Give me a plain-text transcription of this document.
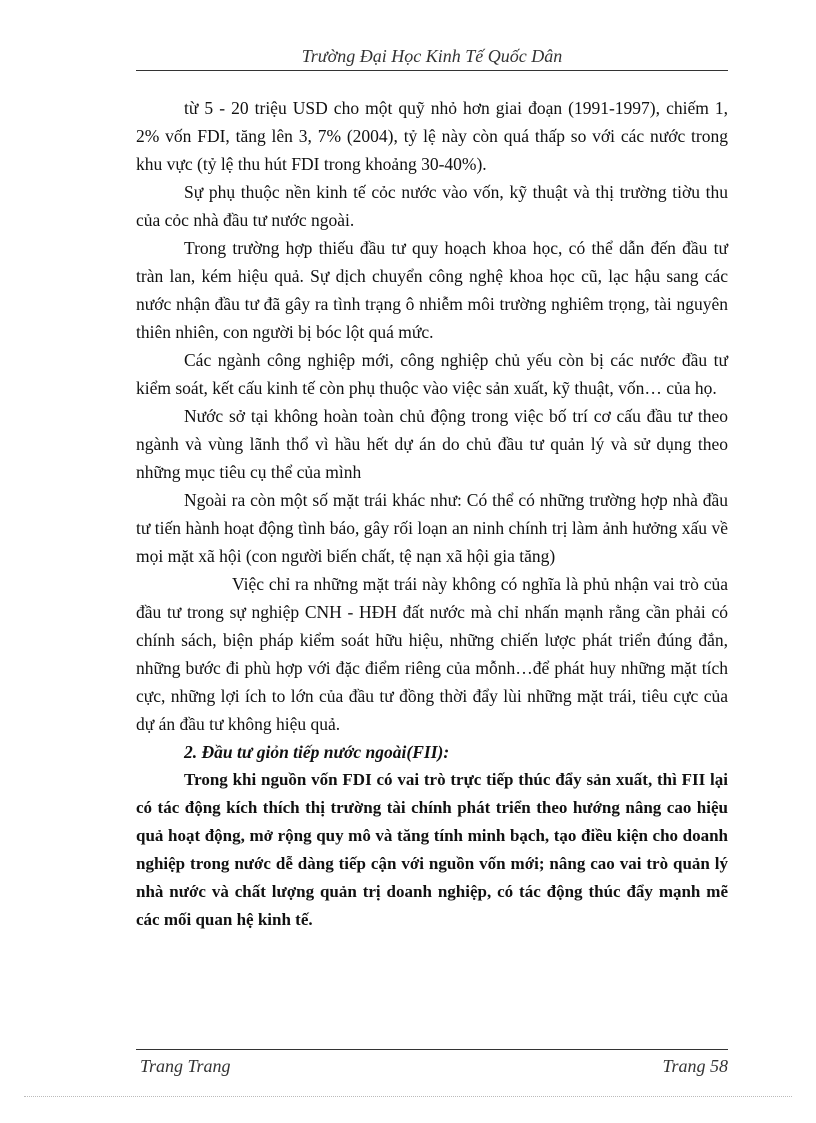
Trường Đại Học Kinh Tế Quốc Dân

từ 5 - 20 triệu USD cho một quỹ nhỏ hơn giai đoạn (1991-1997), chiếm 1, 2% vốn FDI, tăng lên 3, 7% (2004), tỷ lệ này còn quá thấp so với các nước trong khu vực (tỷ lệ thu hút FDI trong khoảng 30-40%).

Sự phụ thuộc nền kinh tế cỏc nước vào vốn, kỹ thuật và thị trường tiờu thu của cỏc nhà đầu tư nước ngoài.

Trong trường hợp thiếu đầu tư quy hoạch khoa học, có thể dẫn đến đầu tư tràn lan, kém hiệu quả. Sự dịch chuyển công nghệ khoa học cũ, lạc hậu sang các nước nhận đầu tư đã gây ra tình trạng ô nhiễm môi trường nghiêm trọng, tài nguyên thiên nhiên, con người bị bóc lột quá mức.

Các ngành công nghiệp mới, công nghiệp chủ yếu còn bị các nước đầu tư kiểm soát, kết cấu kinh tế còn phụ thuộc vào việc sản xuất, kỹ thuật, vốn… của họ.

Nước sở tại không hoàn toàn chủ động trong việc bố trí cơ cấu đầu tư theo ngành và vùng lãnh thổ vì hầu hết dự án do chủ đầu tư quản lý và sử dụng theo những mục tiêu cụ thể của mình

Ngoài ra còn một số mặt trái khác như: Có thể có những trường hợp nhà đầu tư tiến hành hoạt động tình báo, gây rối loạn an ninh chính trị làm ảnh hưởng xấu về mọi mặt xã hội (con người biến chất, tệ nạn xã hội gia tăng)

Việc chỉ ra những mặt trái này không có nghĩa là phủ nhận vai trò của đầu tư trong sự nghiệp CNH - HĐH đất nước mà chỉ nhấn mạnh rằng cần phải có chính sách, biện pháp kiểm soát hữu hiệu, những chiến lược phát triển đúng đắn, những bước đi phù hợp với đặc điểm riêng của mỗnh…để phát huy những mặt tích cực, những lợi ích to lớn của đầu tư đồng thời đẩy lùi những mặt trái, tiêu cực của dự án đầu tư không hiệu quả.

2. Đầu tư giỏn tiếp nước ngoài(FII):

Trong khi nguồn vốn FDI có vai trò trực tiếp thúc đẩy sản xuất, thì FII lại có tác động kích thích thị trường tài chính phát triển theo hướng nâng cao hiệu quả hoạt động, mở rộng quy mô và tăng tính minh bạch, tạo điều kiện cho doanh nghiệp trong nước dễ dàng tiếp cận với nguồn vốn mới; nâng cao vai trò quản lý nhà nước và chất lượng quản trị doanh nghiệp, có tác động thúc đẩy mạnh mẽ các mối quan hệ kinh tế.

Trang Trang	Trang 58
